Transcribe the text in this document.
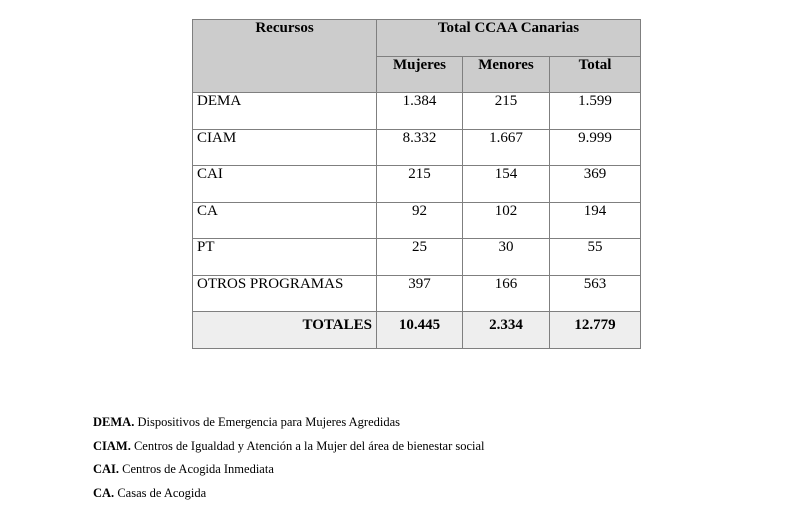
Recursos	Total CCAA Canarias		
	Mujeres	Menores	Total
DEMA	1.384	215	1.599
CIAM	8.332	1.667	9.999
CAI	215	154	369
CA	92	102	194
PT	25	30	55
OTROS PROGRAMAS	397	166	563
TOTALES	10.445	2.334	12.779
DEMA. Dispositivos de Emergencia para Mujeres Agredidas
CIAM. Centros de Igualdad y Atención a la Mujer del área de bienestar social
CAI. Centros de Acogida Inmediata
CA. Casas de Acogida
